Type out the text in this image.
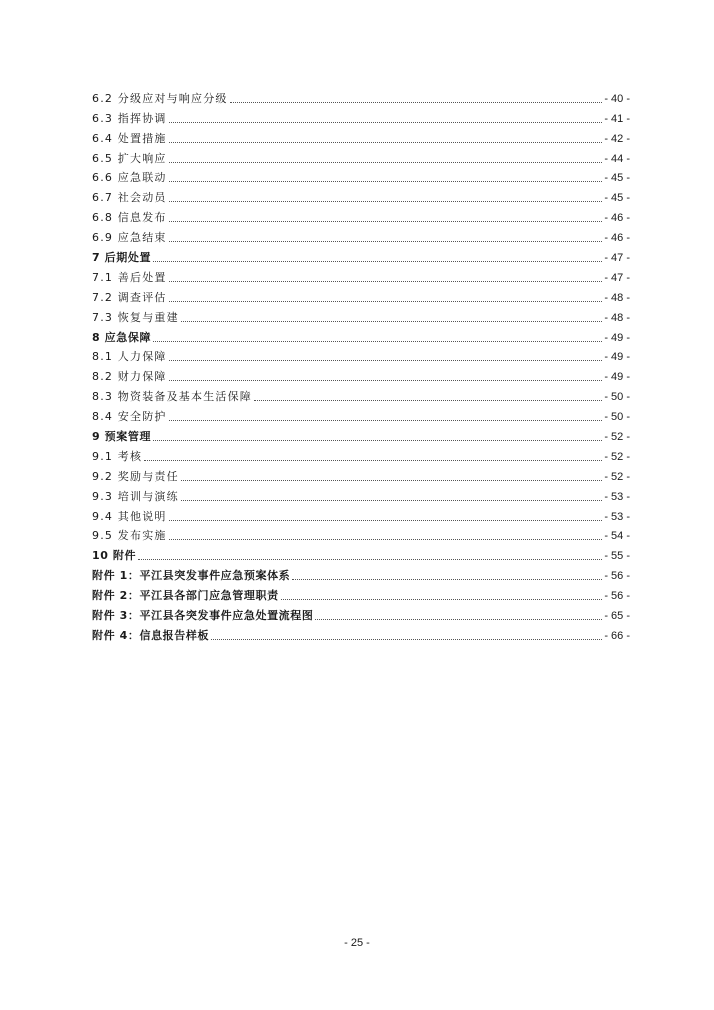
6.2 分级应对与响应分级	- 40 -
6.3 指挥协调	- 41 -
6.4 处置措施	- 42 -
6.5 扩大响应	- 44 -
6.6 应急联动	- 45 -
6.7 社会动员	- 45 -
6.8 信息发布	- 46 -
6.9 应急结束	- 46 -
7 后期处置	- 47 -
7.1 善后处置	- 47 -
7.2 调查评估	- 48 -
7.3 恢复与重建	- 48 -
8 应急保障	- 49 -
8.1 人力保障	- 49 -
8.2 财力保障	- 49 -
8.3 物资装备及基本生活保障	- 50 -
8.4 安全防护	- 50 -
9 预案管理	- 52 -
9.1 考核	- 52 -
9.2 奖励与责任	- 52 -
9.3 培训与演练	- 53 -
9.4 其他说明	- 53 -
9.5 发布实施	- 54 -
10 附件	- 55 -
附件 1：平江县突发事件应急预案体系	- 56 -
附件 2：平江县各部门应急管理职责	- 56 -
附件 3：平江县各突发事件应急处置流程图	- 65 -
附件 4：信息报告样板	- 66 -
- 25 -
